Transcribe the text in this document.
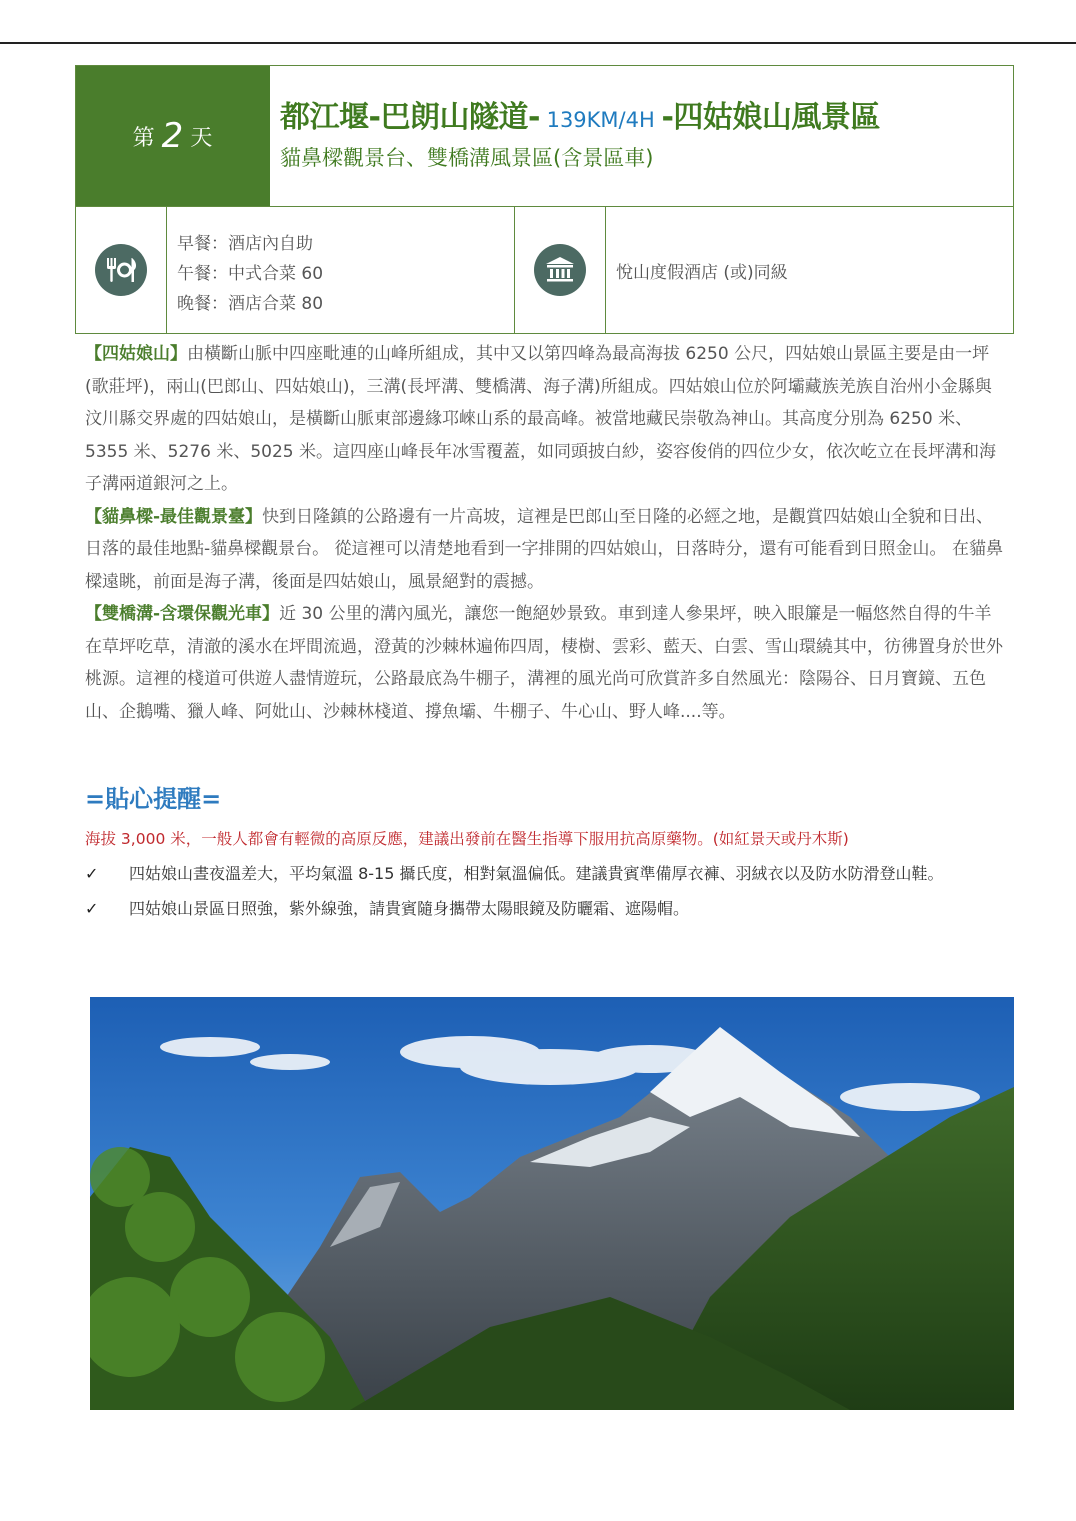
第 2 天
都江堰-巴朗山隧道- 139KM/4H -四姑娘山風景區
貓鼻樑觀景台、雙橋溝風景區(含景區車)
早餐：酒店內自助
午餐：中式合菜 60
晚餐：酒店合菜 80
悅山度假酒店 (或)同級

【四姑娘山】由橫斷山脈中四座毗連的山峰所組成，其中又以第四峰為最高海拔 6250 公尺，四姑娘山景區主要是由一坪(歌莊坪)，兩山(巴郎山、四姑娘山)，三溝(長坪溝、雙橋溝、海子溝)所組成。四姑娘山位於阿壩藏族羌族自治州小金縣與汶川縣交界處的四姑娘山，是橫斷山脈東部邊緣邛崍山系的最高峰。被當地藏民崇敬為神山。其高度分別為 6250 米、5355 米、5276 米、5025 米。這四座山峰長年冰雪覆蓋，如同頭披白紗，姿容俊俏的四位少女，依次屹立在長坪溝和海子溝兩道銀河之上。

【貓鼻樑-最佳觀景臺】快到日隆鎮的公路邊有一片高坡，這裡是巴郎山至日隆的必經之地，是觀賞四姑娘山全貌和日出、日落的最佳地點-貓鼻樑觀景台。 從這裡可以清楚地看到一字排開的四姑娘山，日落時分，還有可能看到日照金山。 在貓鼻樑遠眺，前面是海子溝，後面是四姑娘山，風景絕對的震撼。

【雙橋溝-含環保觀光車】近 30 公里的溝內風光，讓您一飽絕妙景致。車到達人參果坪，映入眼簾是一幅悠然自得的牛羊在草坪吃草，清澈的溪水在坪間流過，澄黃的沙棘林遍佈四周，棲樹、雲彩、藍天、白雲、雪山環繞其中，彷彿置身於世外桃源。這裡的棧道可供遊人盡情遊玩，公路最底為牛棚子，溝裡的風光尚可欣賞許多自然風光：陰陽谷、日月寶鏡、五色山、企鵝嘴、獵人峰、阿妣山、沙棘林棧道、撐魚壩、牛棚子、牛心山、野人峰....等。

=貼心提醒=
海拔 3,000 米，一般人都會有輕微的高原反應，建議出發前在醫生指導下服用抗高原藥物。(如紅景天或丹木斯)
✓	四姑娘山晝夜溫差大，平均氣溫 8-15 攝氏度，相對氣溫偏低。建議貴賓準備厚衣褲、羽絨衣以及防水防滑登山鞋。
✓	四姑娘山景區日照強，紫外線強，請貴賓隨身攜帶太陽眼鏡及防曬霜、遮陽帽。
